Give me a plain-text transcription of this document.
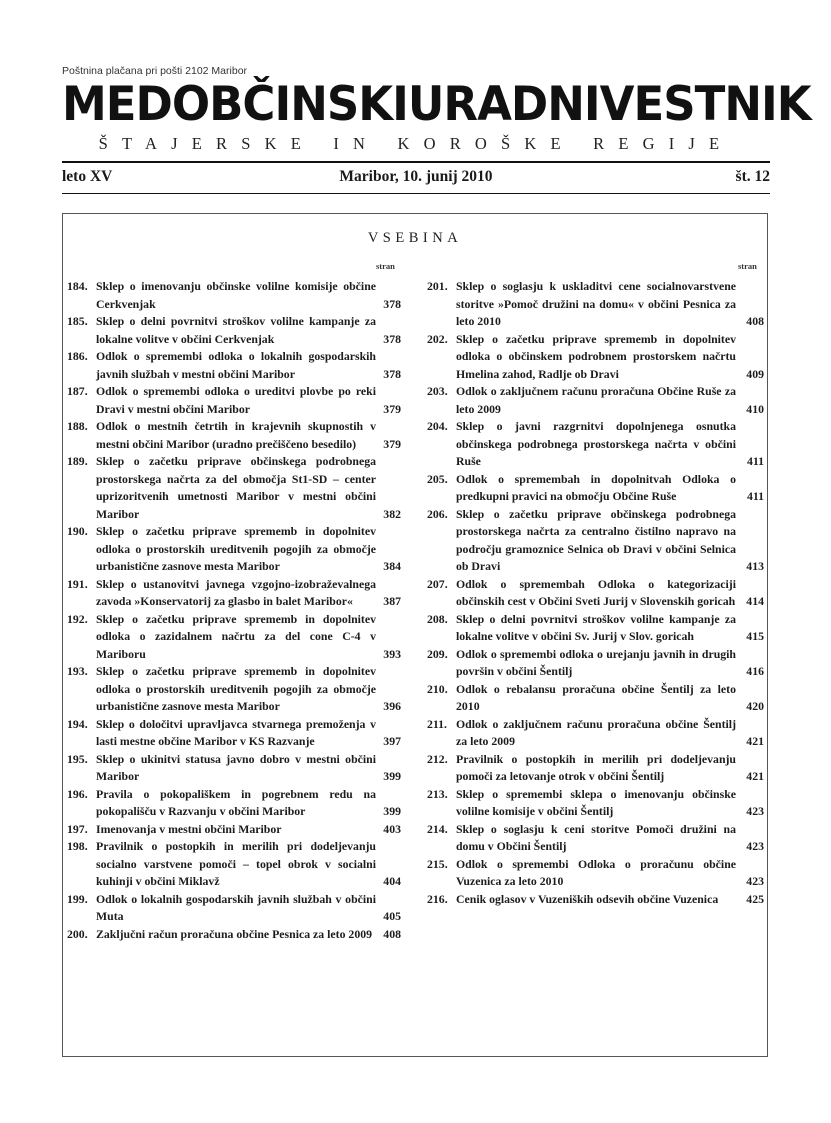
Poštnina plačana pri pošti 2102 Maribor
MEDOBČINSKI URADNI VESTNIK
ŠTAJERSKE IN KOROŠKE REGIJE
leto XV	Maribor, 10. junij 2010	št. 12
VSEBINA
stran	stran
184. Sklep o imenovanju občinske volilne komisije občine Cerkvenjak	378
185. Sklep o delni povrnitvi stroškov volilne kampanje za lokalne volitve v občini Cerkvenjak	378
186. Odlok o spremembi odloka o lokalnih gospodarskih javnih službah v mestni občini Maribor	378
187. Odlok o spremembi odloka o ureditvi plovbe po reki Dravi v mestni občini Maribor	379
188. Odlok o mestnih četrtih in krajevnih skupnostih v mestni občini Maribor (uradno prečiščeno besedilo)	379
189. Sklep o začetku priprave občinskega podrobnega prostorskega načrta za del območja St1-SD – center uprizoritvenih umetnosti Maribor v mestni občini Maribor	382
190. Sklep o začetku priprave sprememb in dopolnitev odloka o prostorskih ureditvenih pogojih za območje urbanistične zasnove mesta Maribor	384
191. Sklep o ustanovitvi javnega vzgojno-izobraževalnega zavoda »Konservatorij za glasbo in balet Maribor«	387
192. Sklep o začetku priprave sprememb in dopolnitev odloka o zazidalnem načrtu za del cone C-4 v Mariboru	393
193. Sklep o začetku priprave sprememb in dopolnitev odloka o prostorskih ureditvenih pogojih za območje urbanistične zasnove mesta Maribor	396
194. Sklep o določitvi upravljavca stvarnega premoženja v lasti mestne občine Maribor v KS Razvanje	397
195. Sklep o ukinitvi statusa javno dobro v mestni občini Maribor	399
196. Pravila o pokopališkem in pogrebnem redu na pokopališču v Razvanju v občini Maribor	399
197. Imenovanja v mestni občini Maribor	403
198. Pravilnik o postopkih in merilih pri dodeljevanju socialno varstvene pomoči – topel obrok v socialni kuhinji v občini Miklavž	404
199. Odlok o lokalnih gospodarskih javnih službah v občini Muta	405
200. Zaključni račun proračuna občine Pesnica za leto 2009 408
201. Sklep o soglasju k uskladitvi cene socialnovarstvene storitve »Pomoč družini na domu« v občini Pesnica za leto 2010	408
202. Sklep o začetku priprave sprememb in dopolnitev odloka o občinskem podrobnem prostorskem načrtu Hmelina zahod, Radlje ob Dravi	409
203. Odlok o zaključnem računu proračuna Občine Ruše za leto 2009	410
204. Sklep o javni razgrnitvi dopolnjenega osnutka občinskega podrobnega prostorskega načrta v občini Ruše	411
205. Odlok o spremembah in dopolnitvah Odloka o predkupni pravici na območju Občine Ruše	411
206. Sklep o začetku priprave občinskega podrobnega prostorskega načrta za centralno čistilno napravo na področju gramoznice Selnica ob Dravi v občini Selnica ob Dravi	413
207. Odlok o spremembah Odloka o kategorizaciji občinskih cest v Občini Sveti Jurij v Slovenskih goricah 414
208. Sklep o delni povrnitvi stroškov volilne kampanje za lokalne volitve v občini Sv. Jurij v Slov. goricah	415
209. Odlok o spremembi odloka o urejanju javnih in drugih površin v občini Šentilj	416
210. Odlok o rebalansu proračuna občine Šentilj za leto 2010	420
211. Odlok o zaključnem računu proračuna občine Šentilj za leto 2009	421
212. Pravilnik o postopkih in merilih pri dodeljevanju pomoči za letovanje otrok v občini Šentilj	421
213. Sklep o spremembi sklepa o imenovanju občinske volilne komisije v občini Šentilj	423
214. Sklep o soglasju k ceni storitve Pomoči družini na domu v Občini Šentilj	423
215. Odlok o spremembi Odloka o proračunu občine Vuzenica za leto 2010	423
216. Cenik oglasov v Vuzeniških odsevih občine Vuzenica	425
